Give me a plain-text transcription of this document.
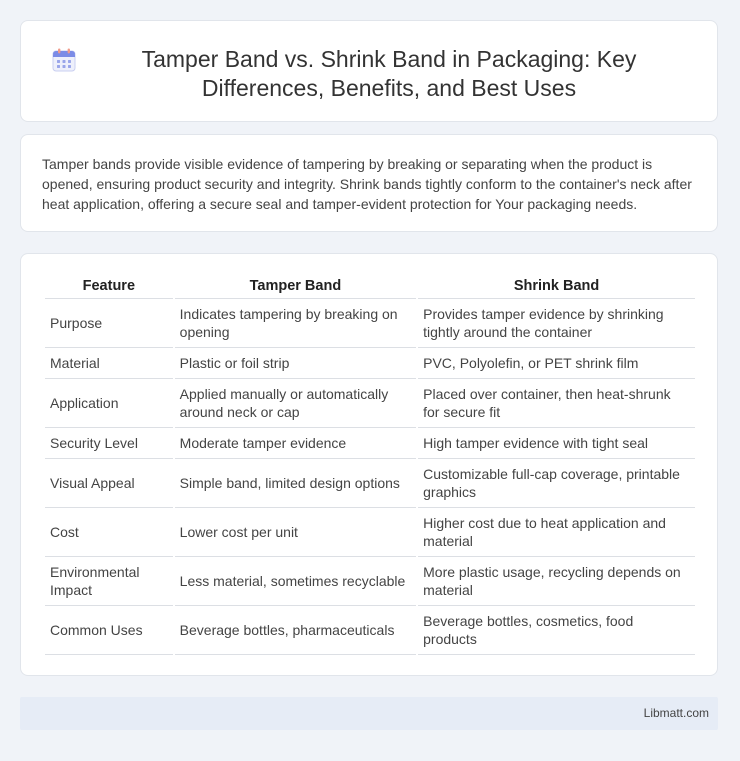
Tamper Band vs. Shrink Band in Packaging: Key Differences, Benefits, and Best Uses

Tamper bands provide visible evidence of tampering by breaking or separating when the product is opened, ensuring product security and integrity. Shrink bands tightly conform to the container's neck after heat application, offering a secure seal and tamper-evident protection for Your packaging needs.

Feature	Tamper Band	Shrink Band
Purpose	Indicates tampering by breaking on opening	Provides tamper evidence by shrinking tightly around the container
Material	Plastic or foil strip	PVC, Polyolefin, or PET shrink film
Application	Applied manually or automatically around neck or cap	Placed over container, then heat-shrunk for secure fit
Security Level	Moderate tamper evidence	High tamper evidence with tight seal
Visual Appeal	Simple band, limited design options	Customizable full-cap coverage, printable graphics
Cost	Lower cost per unit	Higher cost due to heat application and material
Environmental Impact	Less material, sometimes recyclable	More plastic usage, recycling depends on material
Common Uses	Beverage bottles, pharmaceuticals	Beverage bottles, cosmetics, food products
Libmatt.com
